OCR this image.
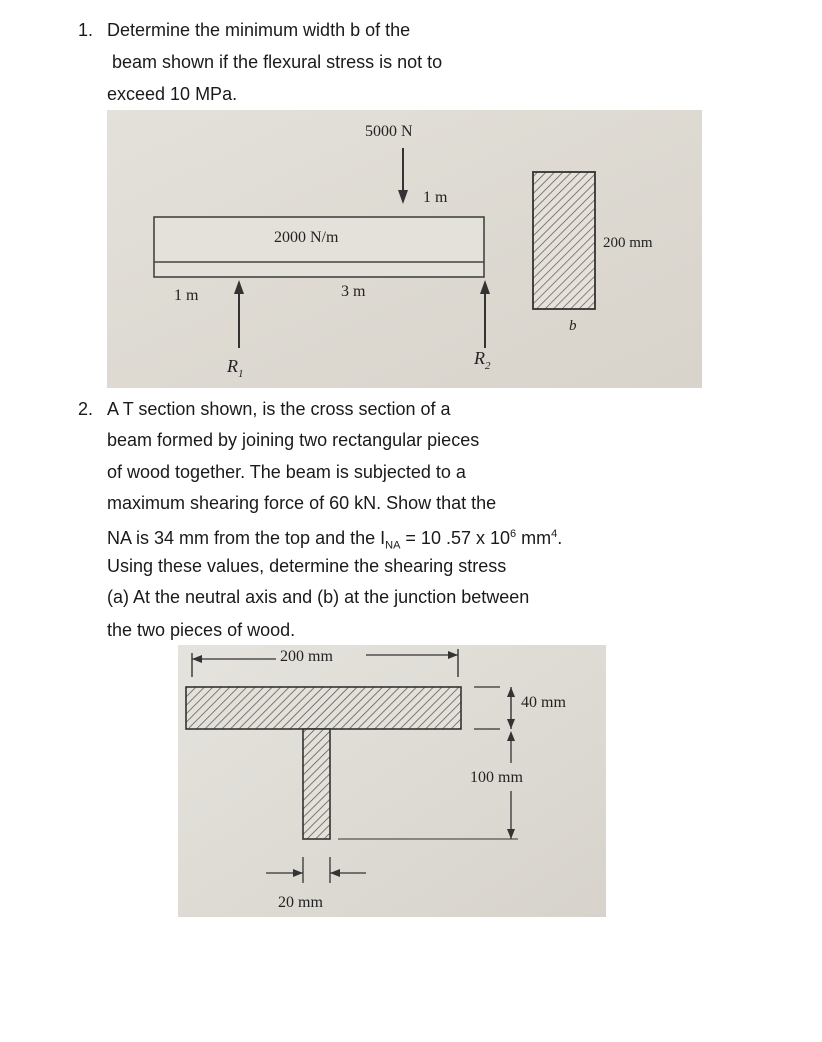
1. Determine the minimum width b of the
beam shown if the flexural stress is not to
exceed 10 MPa.
5000 N
1 m
2000 N/m
1 m	3 m
$R_1$
$R_2$
200 mm
b
2. A T section shown, is the cross section of a
beam formed by joining two rectangular pieces
of wood together. The beam is subjected to a
maximum shearing force of 60 kN. Show that the
NA is 34 mm from the top and the $I_{NA} = 10$ .57 x $10^6$ $mm^4$.
Using these values, determine the shearing stress
(a) At the neutral axis and (b) at the junction between
the two pieces of wood.
200 mm
40 mm
100 mm
20 mm
